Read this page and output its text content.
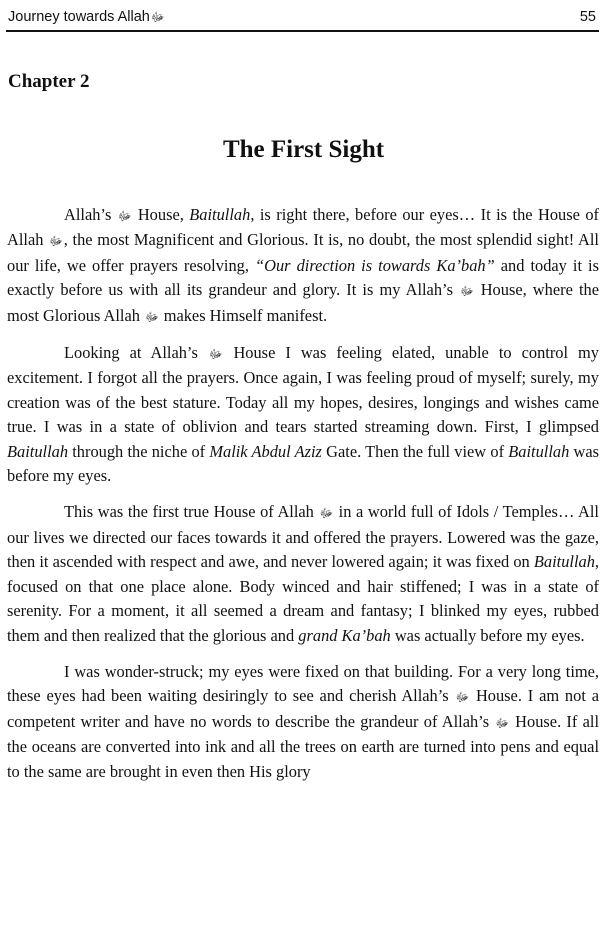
Journey towards Allahﷻ	55
Chapter 2
The First Sight

Allah’s ﷻ House, Baitullah, is right there, before our eyes… It is the House of Allah ﷻ, the most Magnificent and Glorious. It is, no doubt, the most splendid sight! All our life, we offer prayers resolving, “Our direction is towards Ka’bah” and today it is exactly before us with all its grandeur and glory. It is my Allah’s ﷻ House, where the most Glorious Allah ﷻ makes Himself manifest.

Looking at Allah’s ﷻ House I was feeling elated, unable to control my excitement. I forgot all the prayers. Once again, I was feeling proud of myself; surely, my creation was of the best stature. Today all my hopes, desires, longings and wishes came true. I was in a state of oblivion and tears started streaming down. First, I glimpsed Baitullah through the niche of Malik Abdul Aziz Gate. Then the full view of Baitullah was before my eyes.

This was the first true House of Allah ﷻ in a world full of Idols / Temples… All our lives we directed our faces towards it and offered the prayers. Lowered was the gaze, then it ascended with respect and awe, and never lowered again; it was fixed on Baitullah, focused on that one place alone. Body winced and hair stiffened; I was in a state of serenity. For a moment, it all seemed a dream and fantasy; I blinked my eyes, rubbed them and then realized that the glorious and grand Ka’bah was actually before my eyes.

I was wonder-struck; my eyes were fixed on that building. For a very long time, these eyes had been waiting desiringly to see and cherish Allah’s ﷻ House. I am not a competent writer and have no words to describe the grandeur of Allah’s ﷻ House. If all the oceans are converted into ink and all the trees on earth are turned into pens and equal to the same are brought in even then His glory
